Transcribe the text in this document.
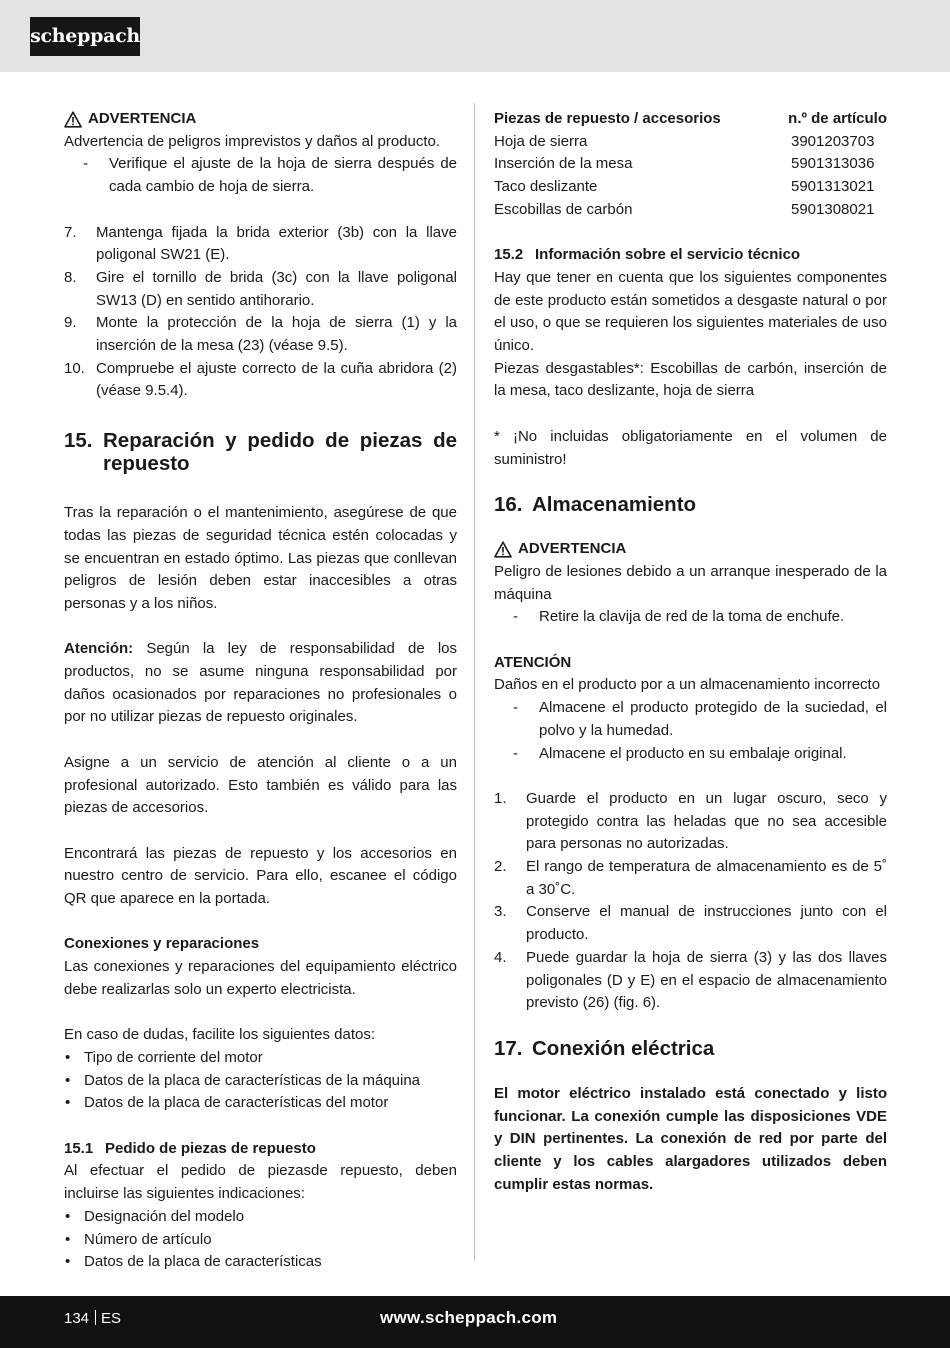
scheppach
ADVERTENCIA
Advertencia de peligros imprevistos y daños al producto.
- Verifique el ajuste de la hoja de sierra después de cada cambio de hoja de sierra.
7. Mantenga fijada la brida exterior (3b) con la llave poligonal SW21 (E).
8. Gire el tornillo de brida (3c) con la llave poligonal SW13 (D) en sentido antihorario.
9. Monte la protección de la hoja de sierra (1) y la inserción de la mesa (23) (véase 9.5).
10. Compruebe el ajuste correcto de la cuña abridora (2) (véase 9.5.4).
15. Reparación y pedido de piezas de repuesto
Tras la reparación o el mantenimiento, asegúrese de que todas las piezas de seguridad técnica estén colocadas y se encuentran en estado óptimo. Las piezas que conllevan peligros de lesión deben estar inaccesibles a otras personas y a los niños.
Atención: Según la ley de responsabilidad de los productos, no se asume ninguna responsabilidad por daños ocasionados por reparaciones no profesionales o por no utilizar piezas de repuesto originales.
Asigne a un servicio de atención al cliente o a un profesional autorizado. Esto también es válido para las piezas de accesorios.
Encontrará las piezas de repuesto y los accesorios en nuestro centro de servicio. Para ello, escanee el código QR que aparece en la portada.
Conexiones y reparaciones
Las conexiones y reparaciones del equipamiento eléctrico debe realizarlas solo un experto electricista.
En caso de dudas, facilite los siguientes datos:
• Tipo de corriente del motor
• Datos de la placa de características de la máquina
• Datos de la placa de características del motor
15.1 Pedido de piezas de repuesto
Al efectuar el pedido de piezasde repuesto, deben incluirse las siguientes indicaciones:
• Designación del modelo
• Número de artículo
• Datos de la placa de características
Piezas de repuesto / accesorios	n.º de artículo
Hoja de sierra	3901203703
Inserción de la mesa	5901313036
Taco deslizante	5901313021
Escobillas de carbón	5901308021
15.2 Información sobre el servicio técnico
Hay que tener en cuenta que los siguientes componentes de este producto están sometidos a desgaste natural o por el uso, o que se requieren los siguientes materiales de uso único.
Piezas desgastables*: Escobillas de carbón, inserción de la mesa, taco deslizante, hoja de sierra
* ¡No incluidas obligatoriamente en el volumen de suministro!
16. Almacenamiento
ADVERTENCIA
Peligro de lesiones debido a un arranque inesperado de la máquina
- Retire la clavija de red de la toma de enchufe.
ATENCIÓN
Daños en el producto por a un almacenamiento incorrecto
- Almacene el producto protegido de la suciedad, el polvo y la humedad.
- Almacene el producto en su embalaje original.
1. Guarde el producto en un lugar oscuro, seco y protegido contra las heladas que no sea accesible para personas no autorizadas.
2. El rango de temperatura de almacenamiento es de 5˚ a 30˚C.
3. Conserve el manual de instrucciones junto con el producto.
4. Puede guardar la hoja de sierra (3) y las dos llaves poligonales (D y E) en el espacio de almacenamiento previsto (26) (fig. 6).
17. Conexión eléctrica
El motor eléctrico instalado está conectado y listo funcionar. La conexión cumple las disposiciones VDE y DIN pertinentes. La conexión de red por parte del cliente y los cables alargadores utilizados deben cumplir estas normas.
134 ES	www.scheppach.com
